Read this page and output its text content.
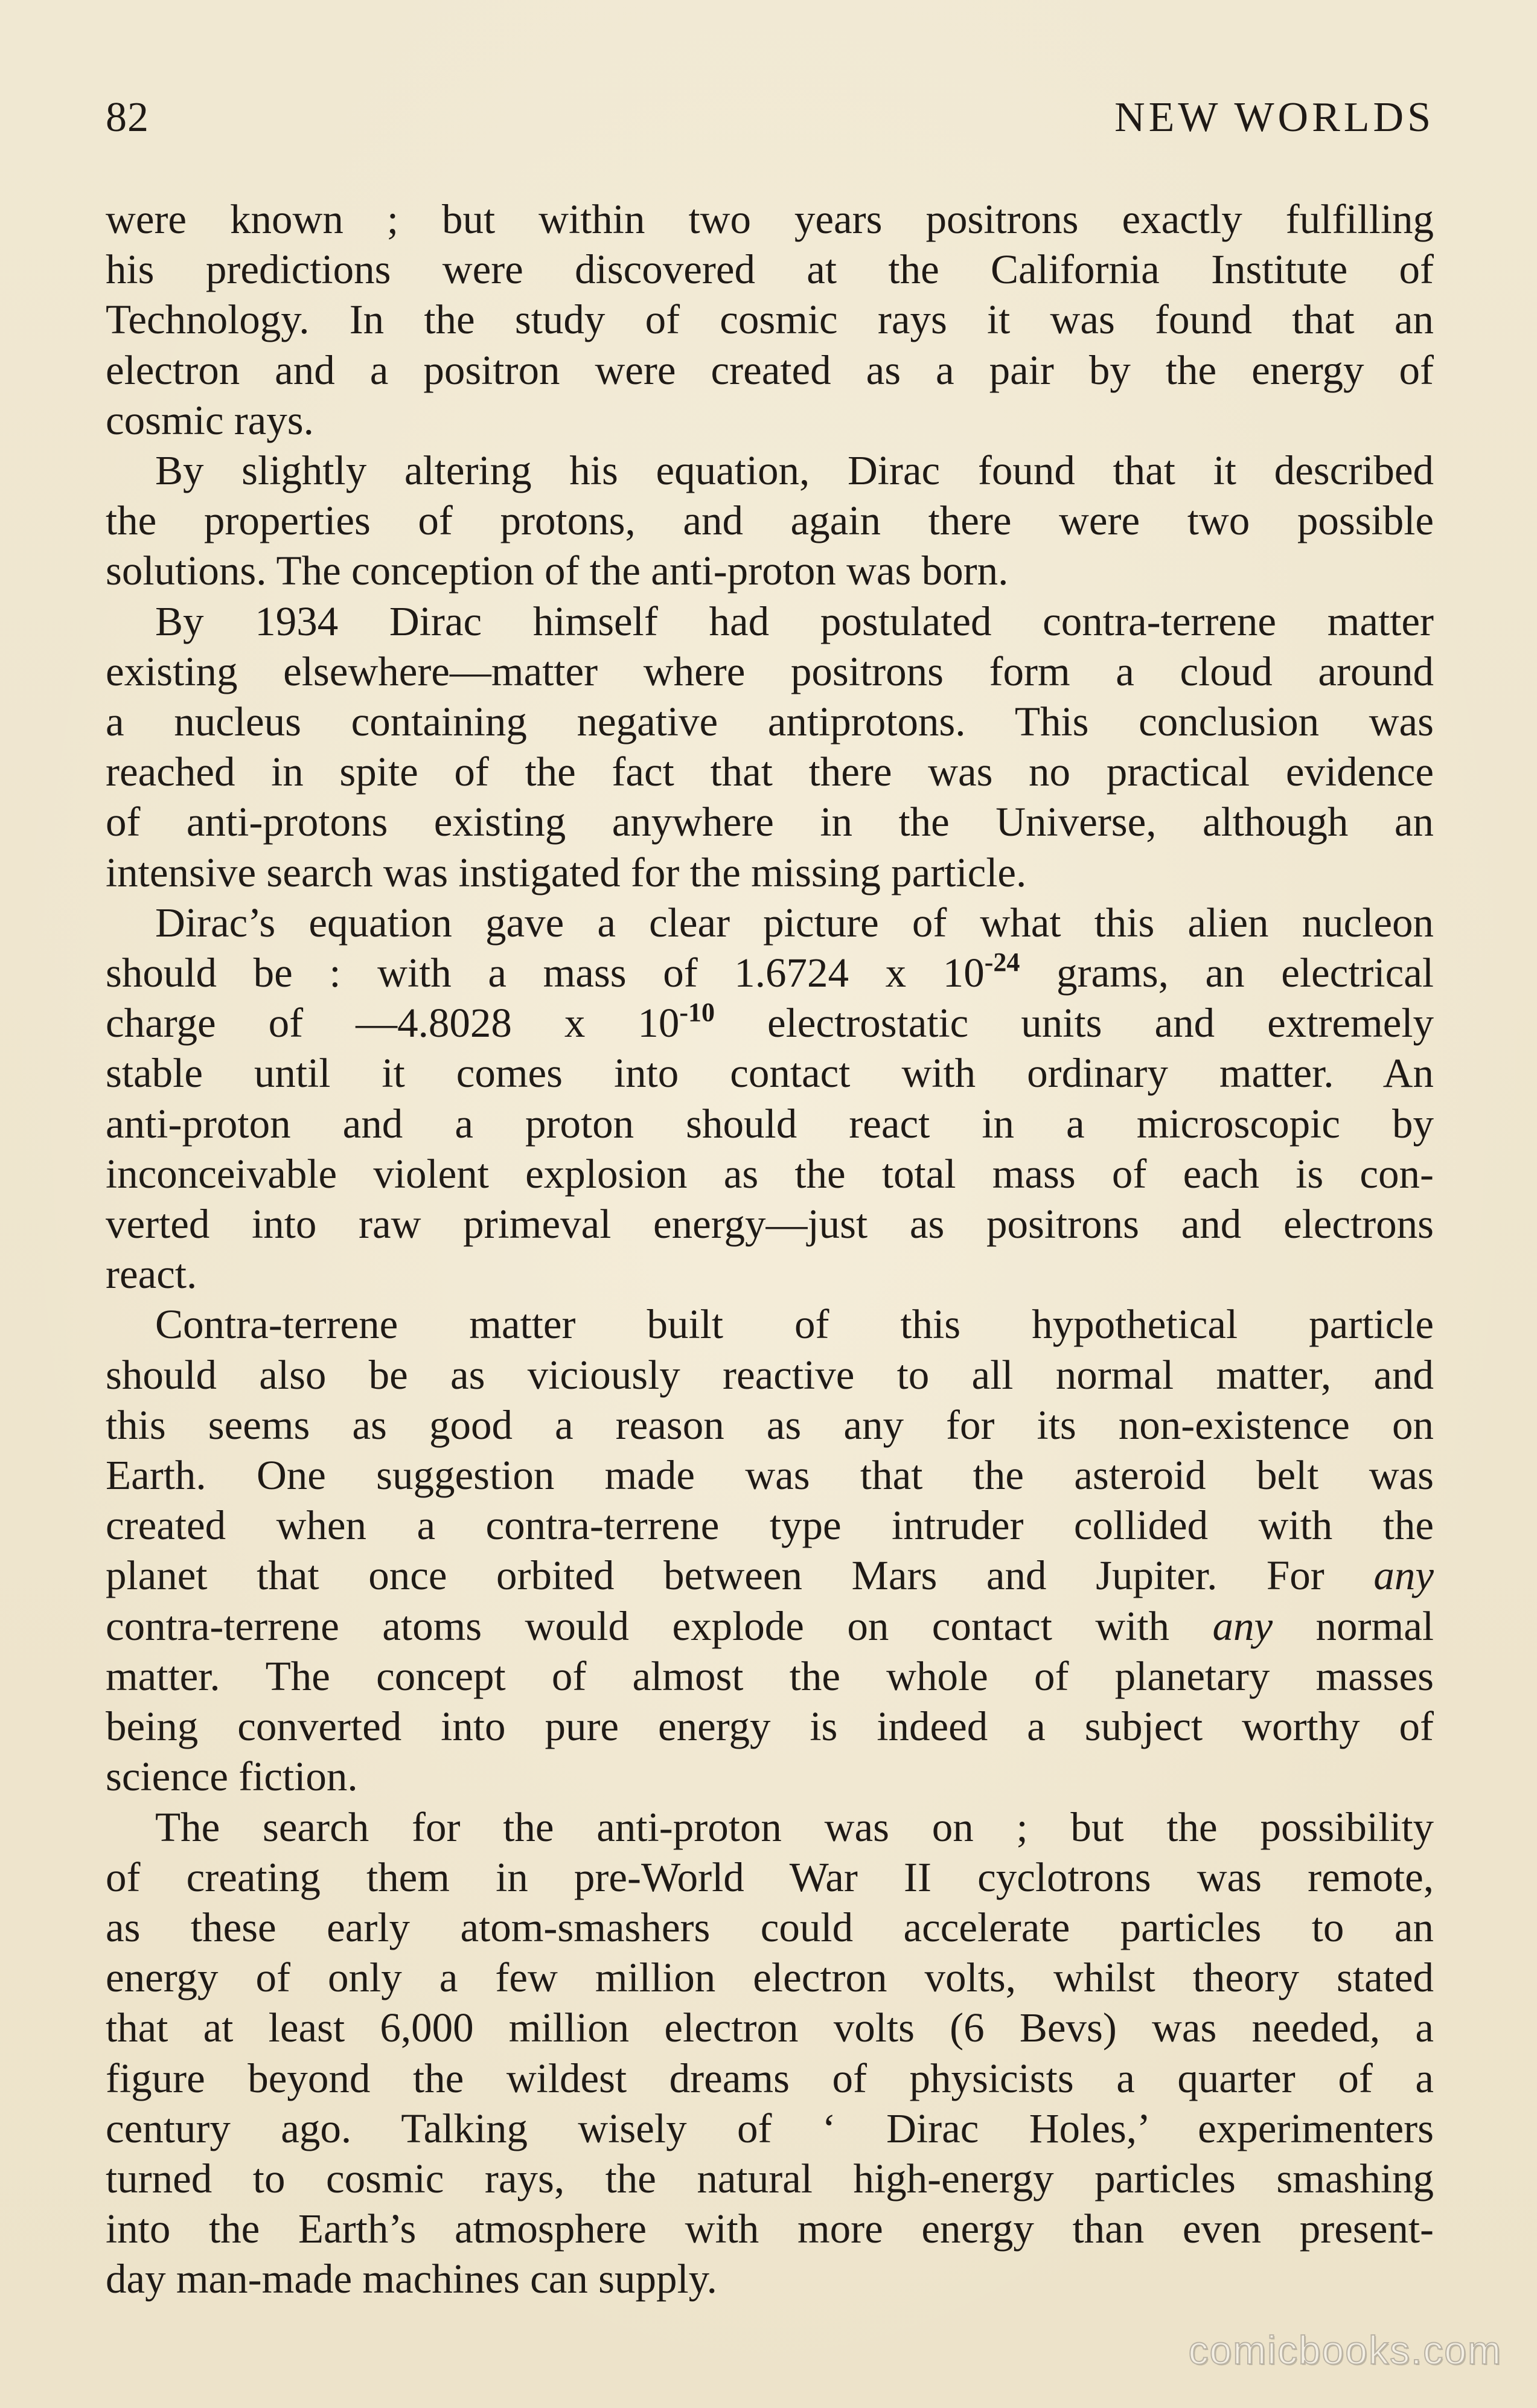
82	NEW WORLDS

were known ; but within two years positrons exactly fulfilling
his predictions were discovered at the California Institute of
Technology. In the study of cosmic rays it was found that an
electron and a positron were created as a pair by the energy of
cosmic rays.

By slightly altering his equation, Dirac found that it described
the properties of protons, and again there were two possible
solutions. The conception of the anti-proton was born.

By 1934 Dirac himself had postulated contra-terrene matter
existing elsewhere—matter where positrons form a cloud around
a nucleus containing negative antiprotons. This conclusion was
reached in spite of the fact that there was no practical evidence
of anti-protons existing anywhere in the Universe, although an
intensive search was instigated for the missing particle.

Dirac’s equation gave a clear picture of what this alien nucleon
should be : with a mass of 1.6724 x $10^{-24}$ grams, an electrical
charge of —4.8028 x $10^{-10}$ electrostatic units and extremely
stable until it comes into contact with ordinary matter. An
anti-proton and a proton should react in a microscopic by
inconceivable violent explosion as the total mass of each is con-
verted into raw primeval energy—just as positrons and electrons
react.

Contra-terrene matter built of this hypothetical particle
should also be as viciously reactive to all normal matter, and
this seems as good a reason as any for its non-existence on
Earth. One suggestion made was that the asteroid belt was
created when a contra-terrene type intruder collided with the
planet that once orbited between Mars and Jupiter. For any
contra-terrene atoms would explode on contact with any normal
matter. The concept of almost the whole of planetary masses
being converted into pure energy is indeed a subject worthy of
science fiction.

The search for the anti-proton was on ; but the possibility
of creating them in pre-World War II cyclotrons was remote,
as these early atom-smashers could accelerate particles to an
energy of only a few million electron volts, whilst theory stated
that at least 6,000 million electron volts (6 Bevs) was needed, a
figure beyond the wildest dreams of physicists a quarter of a
century ago. Talking wisely of ‘ Dirac Holes,’ experimenters
turned to cosmic rays, the natural high-energy particles smashing
into the Earth’s atmosphere with more energy than even present-
day man-made machines can supply.

comicbooks.com
